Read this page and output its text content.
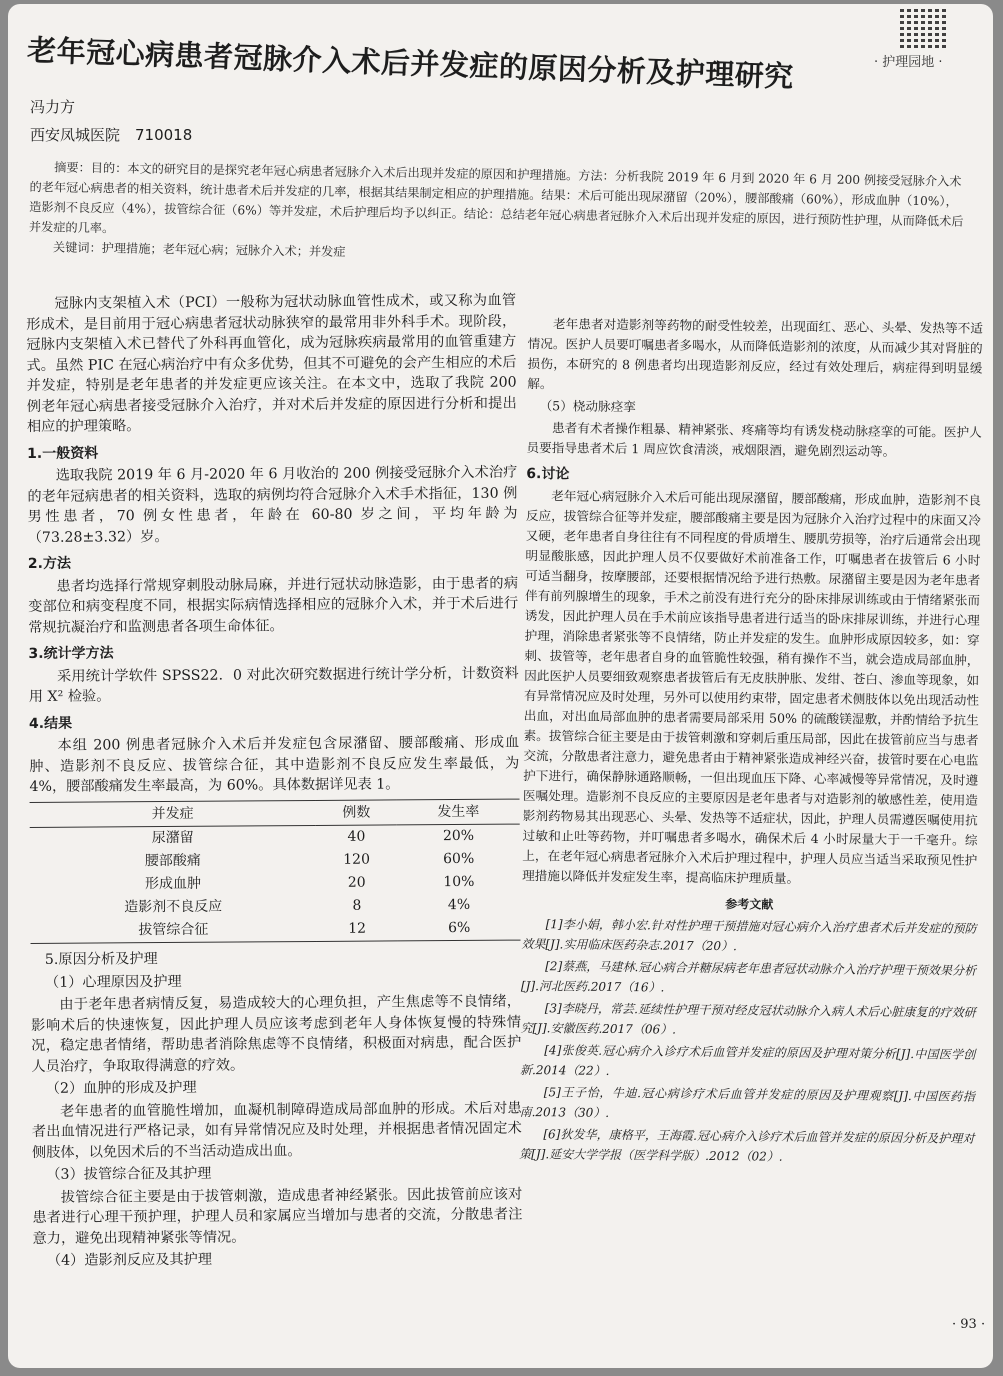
· 护理园地 ·
老年冠心病患者冠脉介入术后并发症的原因分析及护理研究
冯力方
西安凤城医院　710018

摘要：目的：本文的研究目的是探究老年冠心病患者冠脉介入术后出现并发症的原因和护理措施。方法：分析我院 2019 年 6 月到 2020 年 6 月 200 例接受冠脉介入术的老年冠心病患者的相关资料，统计患者术后并发症的几率，根据其结果制定相应的护理措施。结果：术后可能出现尿潴留（20%），腰部酸痛（60%），形成血肿（10%），造影剂不良反应（4%），拔管综合征（6%）等并发症，术后护理后均予以纠正。结论：总结老年冠心病患者冠脉介入术后出现并发症的原因，进行预防性护理，从而降低术后并发症的几率。

关键词：护理措施；老年冠心病；冠脉介入术；并发症

冠脉内支架植入术（PCI）一般称为冠状动脉血管性成术，或又称为血管形成术，是目前用于冠心病患者冠状动脉狭窄的最常用非外科手术。现阶段，冠脉内支架植入术已替代了外科再血管化，成为冠脉疾病最常用的血管重建方式。虽然 PIC 在冠心病治疗中有众多优势，但其不可避免的会产生相应的术后并发症，特别是老年患者的并发症更应该关注。在本文中，选取了我院 200 例老年冠心病患者接受冠脉介入治疗，并对术后并发症的原因进行分析和提出相应的护理策略。

1.一般资料

选取我院 2019 年 6 月-2020 年 6 月收治的 200 例接受冠脉介入术治疗的老年冠病患者的相关资料，选取的病例均符合冠脉介入术手术指征，130 例男性患者，70 例女性患者，年龄在 60-80 岁之间，平均年龄为（73.28±3.32）岁。

2.方法

患者均选择行常规穿刺股动脉局麻，并进行冠状动脉造影，由于患者的病变部位和病变程度不同，根据实际病情选择相应的冠脉介入术，并于术后进行常规抗凝治疗和监测患者各项生命体征。

3.统计学方法

采用统计学软件 SPSS22．0 对此次研究数据进行统计学分析，计数资料用 X² 检验。

4.结果

本组 200 例患者冠脉介入术后并发症包含尿潴留、腰部酸痛、形成血肿、造影剂不良反应、拔管综合征，其中造影剂不良反应发生率最低，为 4%，腰部酸痛发生率最高，为 60%。具体数据详见表 1。

并发症	例数	发生率
尿潴留	40	20%
腰部酸痛	120	60%
形成血肿	20	10%
造影剂不良反应	8	4%
拔管综合征	12	6%

5.原因分析及护理

（1）心理原因及护理

由于老年患者病情反复，易造成较大的心理负担，产生焦虑等不良情绪，影响术后的快速恢复，因此护理人员应该考虑到老年人身体恢复慢的特殊情况，稳定患者情绪，帮助患者消除焦虑等不良情绪，积极面对病患，配合医护人员治疗，争取取得满意的疗效。

（2）血肿的形成及护理

老年患者的血管脆性增加，血凝机制障碍造成局部血肿的形成。术后对患者出血情况进行严格记录，如有异常情况应及时处理，并根据患者情况固定术侧肢体，以免因术后的不当活动造成出血。

（3）拔管综合征及其护理

拔管综合征主要是由于拔管刺激，造成患者神经紧张。因此拔管前应该对患者进行心理干预护理，护理人员和家属应当增加与患者的交流，分散患者注意力，避免出现精神紧张等情况。

（4）造影剂反应及其护理

老年患者对造影剂等药物的耐受性较差，出现面红、恶心、头晕、发热等不适情况。医护人员要叮嘱患者多喝水，从而降低造影剂的浓度，从而减少其对肾脏的损伤，本研究的 8 例患者均出现造影剂反应，经过有效处理后，病症得到明显缓解。

（5）桡动脉痉挛

患者有术者操作粗暴、精神紧张、疼痛等均有诱发桡动脉痉挛的可能。医护人员要指导患者术后 1 周应饮食清淡，戒烟限酒，避免剧烈运动等。

6.讨论

老年冠心病冠脉介入术后可能出现尿潴留，腰部酸痛，形成血肿，造影剂不良反应，拔管综合征等并发症，腰部酸痛主要是因为冠脉介入治疗过程中的床面又冷又硬，老年患者自身往往有不同程度的骨质增生、腰肌劳损等，治疗后通常会出现明显酸胀感，因此护理人员不仅要做好术前准备工作，叮嘱患者在拔管后 6 小时可适当翻身，按摩腰部，还要根据情况给予进行热敷。尿潴留主要是因为老年患者伴有前列腺增生的现象，手术之前没有进行充分的卧床排尿训练或由于情绪紧张而诱发，因此护理人员在手术前应该指导患者进行适当的卧床排尿训练，并进行心理护理，消除患者紧张等不良情绪，防止并发症的发生。血肿形成原因较多，如：穿刺、拔管等，老年患者自身的血管脆性较强，稍有操作不当，就会造成局部血肿，因此医护人员要细致观察患者拔管后有无皮肤肿胀、发绀、苍白、渗血等现象，如有异常情况应及时处理，另外可以使用约束带，固定患者术侧肢体以免出现活动性出血，对出血局部血肿的患者需要局部采用 50% 的硫酸镁湿敷，并酌情给予抗生素。拔管综合征主要是由于拔管刺激和穿刺后重压局部，因此在拔管前应当与患者交流，分散患者注意力，避免患者由于精神紧张造成神经兴奋，拔管时要在心电监护下进行，确保静脉通路顺畅，一但出现血压下降、心率减慢等异常情况，及时遵医嘱处理。造影剂不良反应的主要原因是老年患者与对造影剂的敏感性差，使用造影剂药物易其出现恶心、头晕、发热等不适症状，因此，护理人员需遵医嘱使用抗过敏和止吐等药物，并叮嘱患者多喝水，确保术后 4 小时尿量大于一千毫升。综上，在老年冠心病患者冠脉介入术后护理过程中，护理人员应当适当采取预见性护理措施以降低并发症发生率，提高临床护理质量。

参考文献

[1]李小娟，韩小宏.针对性护理干预措施对冠心病介入治疗患者术后并发症的预防效果[J].实用临床医药杂志.2017（20）.

[2]蔡燕，马建林.冠心病合并糖尿病老年患者冠状动脉介入治疗护理干预效果分析[J].河北医药.2017（16）.

[3]李晓丹，常芸.延续性护理干预对经皮冠状动脉介入病人术后心脏康复的疗效研究[J].安徽医药.2017（06）.

[4]张俊英.冠心病介入诊疗术后血管并发症的原因及护理对策分析[J].中国医学创新.2014（22）.

[5]王子怡，牛迪.冠心病诊疗术后血管并发症的原因及护理观察[J].中国医药指南.2013（30）.

[6]狄发华，康格平，王海霞.冠心病介入诊疗术后血管并发症的原因分析及护理对策[J].延安大学学报（医学科学版）.2012（02）.

· 93 ·
